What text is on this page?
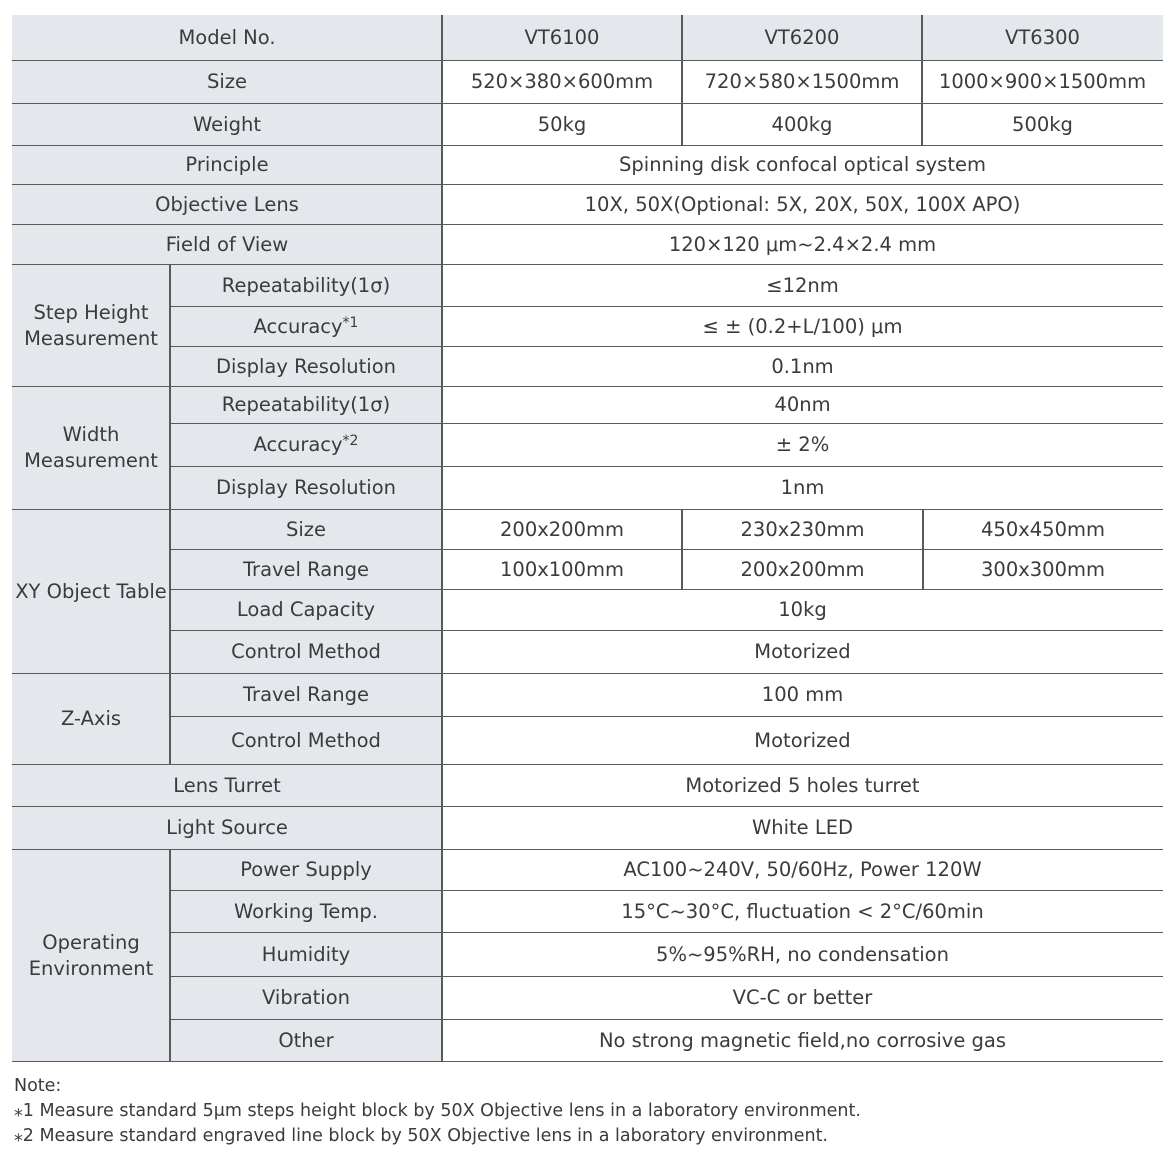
Model No.	VT6100	VT6200	VT6300
Size	520×380×600mm	720×580×1500mm	1000×900×1500mm
Weight	50kg	400kg	500kg
Principle	Spinning disk confocal optical system
Objective Lens	10X, 50X(Optional: 5X, 20X, 50X, 100X APO)
Field of View	120×120 μm~2.4×2.4 mm
Step Height Measurement
Repeatability(1σ)	≤12nm
Accuracy$^{*1}$	≤ ± (0.2+L/100) μm
Display Resolution	0.1nm
Width Measurement
Repeatability(1σ)	40nm
Accuracy$^{*2}$	± 2%
Display Resolution	1nm
XY Object Table
Size	200x200mm	230x230mm	450x450mm
Travel Range	100x100mm	200x200mm	300x300mm
Load Capacity	10kg
Control Method	Motorized
Z-Axis
Travel Range	100 mm
Control Method	Motorized
Lens Turret	Motorized 5 holes turret
Light Source	White LED
Operating Environment
Power Supply	AC100~240V, 50/60Hz, Power 120W
Working Temp.	15°C~30°C, fluctuation < 2°C/60min
Humidity	5%~95%RH, no condensation
Vibration	VC-C or better
Other	No strong magnetic field,no corrosive gas
Note:
⁎1 Measure standard 5μm steps height block by 50X Objective lens in a laboratory environment.
⁎2 Measure standard engraved line block by 50X Objective lens in a laboratory environment.
